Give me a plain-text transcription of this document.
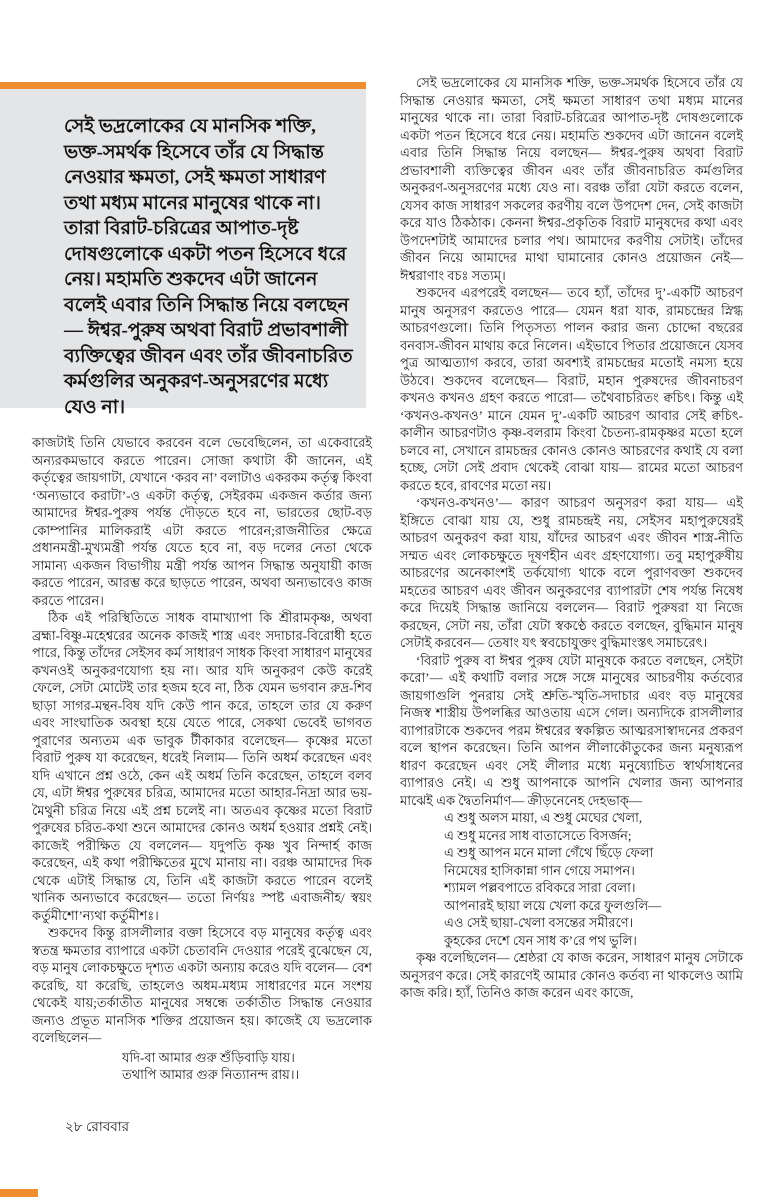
সেই ভদ্রলোকের যে মানসিক শক্তি, ভক্ত-সমর্থক হিসেবে তাঁর যে সিদ্ধান্ত নেওয়ার ক্ষমতা, সেই ক্ষমতা সাধারণ তথা মধ্যম মানের মানুষের থাকে না। তারা বিরাট-চরিত্রের আপাত-দৃষ্ট দোষগুলোকে একটা পতন হিসেবে ধরে নেয়। মহামতি শুকদেব এটা জানেন বলেই এবার তিনি সিদ্ধান্ত নিয়ে বলছেন— ঈশ্বর-পুরুষ অথবা বিরাট প্রভাবশালী ব্যক্তিত্বের জীবন এবং তাঁর জীবনাচরিত কর্মগুলির অনুকরণ-অনুসরণের মধ্যে যেও না।

কাজটাই তিনি যেভাবে করবেন বলে ভেবেছিলেন, তা একেবারেই অন্যরকমভাবে করতে পারেন। সোজা কথাটা কী জানেন, এই কর্তৃত্বের জায়গাটা, যেখানে ‘করব না’ বলাটাও একরকম কর্তৃত্ব কিংবা ‘অন্যভাবে করাটা’-ও একটা কর্তৃত্ব, সেইরকম একজন কর্তার জন্য আমাদের ঈশ্বর-পুরুষ পর্যন্ত দৌড়তে হবে না, ভারতের ছোট-বড় কোম্পানির মালিকরাই এটা করতে পারেন;রাজনীতির ক্ষেত্রে প্রধানমন্ত্রী-মুখ্যমন্ত্রী পর্যন্ত যেতে হবে না, বড় দলের নেতা থেকে সামান্য একজন বিভাগীয় মন্ত্রী পর্যন্ত আপন সিদ্ধান্ত অনুযায়ী কাজ করতে পারেন, আরম্ভ করে ছাড়তে পারেন, অথবা অন্যভাবেও কাজ করতে পারেন।

ঠিক এই পরিস্থিতিতে সাধক বামাখ্যাপা কি শ্রীরামকৃষ্ণ, অথবা ব্রহ্মা-বিষ্ণু-মহেশ্বরের অনেক কাজই শাস্ত্র এবং সদাচার-বিরোধী হতে পারে, কিন্তু তাঁদের সেইসব কর্ম সাধারণ সাধক কিংবা সাধারণ মানুষের কখনওই অনুকরণযোগ্য হয় না। আর যদি অনুকরণ কেউ করেই ফেলে, সেটা মোটেই তার হজম হবে না, ঠিক যেমন ভগবান রুদ্র-শিব ছাড়া সাগর-মন্থন-বিষ যদি কেউ পান করে, তাহলে তার যে করুণ এবং সাংঘাতিক অবস্থা হয়ে যেতে পারে, সেকথা ভেবেই ভাগবত পুরাণের অন্যতম এক ভাবুক টীকাকার বলেছেন— কৃষ্ণের মতো বিরাট পুরুষ যা করেছেন, ধরেই নিলাম— তিনি অধর্ম করেছেন এবং যদি এখানে প্রশ্ন ওঠে, কেন এই অধর্ম তিনি করেছেন, তাহলে বলব যে, এটা ঈশ্বর পুরুষের চরিত্র, আমাদের মতো আহার-নিদ্রা আর ভয়-মৈথুনী চরিত্র নিয়ে এই প্রশ্ন চলেই না। অতএব কৃষ্ণের মতো বিরাট পুরুষের চরিত-কথা শুনে আমাদের কোনও অধর্ম হওয়ার প্রশ্নই নেই। কাজেই পরীক্ষিত যে বললেন— যদুপতি কৃষ্ণ খুব নিন্দার্হ কাজ করেছেন, এই কথা পরীক্ষিতের মুখে মানায় না। বরঞ্চ আমাদের দিক থেকে এটাই সিদ্ধান্ত যে, তিনি এই কাজটা করতে পারেন বলেই খানিক অন্যভাবে করেছেন— ততো নির্ণয়ঃ স্পষ্ট এবাজনীহ/ স্বয়ং কর্তুমীশো’ন্যথা কর্তুমীশঃ।

শুকদেব কিন্তু রাসলীলার বক্তা হিসেবে বড় মানুষের কর্তৃত্ব এবং স্বতন্ত্র ক্ষমতার ব্যাপারে একটা চেতাবনি দেওয়ার পরেই বুঝেছেন যে, বড় মানুষ লোকচক্ষুতে দৃশ্যত একটা অন্যায় করেও যদি বলেন— বেশ করেছি, যা করেছি, তাহলেও অধম-মধ্যম সাধারণের মনে সংশয় থেকেই যায়;তর্কাতীত মানুষের সম্বন্ধে তর্কাতীত সিদ্ধান্ত নেওয়ার জন্যও প্রভূত মানসিক শক্তির প্রয়োজন হয়। কাজেই যে ভদ্রলোক বলেছিলেন—

যদি-বা আমার গুরু শুঁড়িবাড়ি যায়।
তথাপি আমার গুরু নিত্যানন্দ রায়।।

সেই ভদ্রলোকের যে মানসিক শক্তি, ভক্ত-সমর্থক হিসেবে তাঁর যে সিদ্ধান্ত নেওয়ার ক্ষমতা, সেই ক্ষমতা সাধারণ তথা মধ্যম মানের মানুষের থাকে না। তারা বিরাট-চরিত্রের আপাত-দৃষ্ট দোষগুলোকে একটা পতন হিসেবে ধরে নেয়। মহামতি শুকদেব এটা জানেন বলেই এবার তিনি সিদ্ধান্ত নিয়ে বলছেন— ঈশ্বর-পুরুষ অথবা বিরাট প্রভাবশালী ব্যক্তিত্বের জীবন এবং তাঁর জীবনাচরিত কর্মগুলির অনুকরণ-অনুসরণের মধ্যে যেও না। বরঞ্চ তাঁরা যেটা করতে বলেন, যেসব কাজ সাধারণ সকলের করণীয় বলে উপদেশ দেন, সেই কাজটা করে যাও ঠিকঠাক। কেননা ঈশ্বর-প্রকৃতিক বিরাট মানুষদের কথা এবং উপদেশটাই আমাদের চলার পথ। আমাদের করণীয় সেটাই। তাঁদের জীবন নিয়ে আমাদের মাথা ঘামানোর কোনও প্রয়োজন নেই— ঈশ্বরাণাং বচঃ সত্যম্।

শুকদেব এরপরেই বলছেন— তবে হ্যাঁ, তাঁদের দু’-একটি আচরণ মানুষ অনুসরণ করতেও পারে— যেমন ধরা যাক, রামচন্দ্রের স্নিগ্ধ আচরণগুলো। তিনি পিতৃসত্য পালন করার জন্য চোদ্দো বছরের বনবাস-জীবন মাথায় করে নিলেন। এইভাবে পিতার প্রয়োজনে যেসব পুত্র আত্মত্যাগ করবে, তারা অবশ্যই রামচন্দ্রের মতোই নমস্য হয়ে উঠবে। শুকদেব বলেছেন— বিরাট, মহান পুরুষদের জীবনাচরণ কখনও কখনও গ্রহণ করতে পারো— তথৈবাচরিতং ক্বচিৎ। কিন্তু এই ‘কখনও-কখনও’ মানে যেমন দু’-একটি আচরণ আবার সেই ক্বচিৎ-কালীন আচরণটাও কৃষ্ণ-বলরাম কিংবা চৈতন্য-রামকৃষ্ণর মতো হলে চলবে না, সেখানে রামচন্দ্রর কোনও কোনও আচরণের কথাই যে বলা হচ্ছে, সেটা সেই প্রবাদ থেকেই বোঝা যায়— রামের মতো আচরণ করতে হবে, রাবণের মতো নয়।

‘কখনও-কখনও’— কারণ আচরণ অনুসরণ করা যায়— এই ইঙ্গিতে বোঝা যায় যে, শুধু রামচন্দ্রই নয়, সেইসব মহাপুরুষেরই আচরণ অনুকরণ করা যায়, যাঁদের আচরণ এবং জীবন শাস্ত্র-নীতি সম্মত এবং লোকচক্ষুতে দূষণহীন এবং গ্রহণযোগ্য। তবু মহাপুরুষীয় আচরণের অনেকাংশই তর্কযোগ্য থাকে বলে পুরাণবক্তা শুকদেব মহতের আচরণ এবং জীবন অনুকরণের ব্যাপারটা শেষ পর্যন্ত নিষেধ করে দিয়েই সিদ্ধান্ত জানিয়ে বললেন— বিরাট পুরুষরা যা নিজে করছেন, সেটা নয়, তাঁরা যেটা স্বকণ্ঠে করতে বলছেন, বুদ্ধিমান মানুষ সেটাই করবেন— তেষাং যৎ স্ববচোযুক্তং বুদ্ধিমাংস্তৎ সমাচরেৎ।

‘বিরাট পুরুষ বা ঈশ্বর পুরুষ যেটা মানুষকে করতে বলছেন, সেইটা করো’— এই কথাটি বলার সঙ্গে সঙ্গে মানুষের আচরণীয় কর্তব্যের জায়গাগুলি পুনরায় সেই শ্রুতি-স্মৃতি-সদাচার এবং বড় মানুষের নিজস্ব শাস্ত্রীয় উপলব্ধির আওতায় এসে গেল। অন্যদিকে রাসলীলার ব্যাপারটাকে শুকদেব পরম ঈশ্বরের স্বকল্পিত আত্মরসাস্বাদনের প্রকরণ বলে স্থাপন করেছেন। তিনি আপন লীলাকৌতুকের জন্য মনুষ্যরূপ ধারণ করেছেন এবং সেই লীলার মধ্যে মনুষ্যোচিত স্বার্থসাধনের ব্যাপারও নেই। এ শুধু আপনাকে আপনি খেলার জন্য আপনার মাঝেই এক দ্বৈতনির্মাণ— ক্রীড়নেনেহ দেহভাক্—

এ শুধু অলস মায়া, এ শুধু মেঘের খেলা,
এ শুধু মনের সাধ বাতাসেতে বিসর্জন;
এ শুধু আপন মনে মালা গেঁথে ছিঁড়ে ফেলা
নিমেষের হাসিকান্না গান গেয়ে সমাপন।
শ্যামল পল্লবপাতে রবিকরে সারা বেলা।
আপনারই ছায়া লয়ে খেলা করে ফুলগুলি—
এও সেই ছায়া-খেলা বসন্তের সমীরণে।
কুহকের দেশে যেন সাধ ক’রে পথ ভুলি।

কৃষ্ণ বলেছিলেন— শ্রেষ্ঠরা যে কাজ করেন, সাধারণ মানুষ সেটাকে অনুসরণ করে। সেই কারণেই আমার কোনও কর্তব্য না থাকলেও আমি কাজ করি। হ্যাঁ, তিনিও কাজ করেন এবং কাজে,

২৮ রোববার
